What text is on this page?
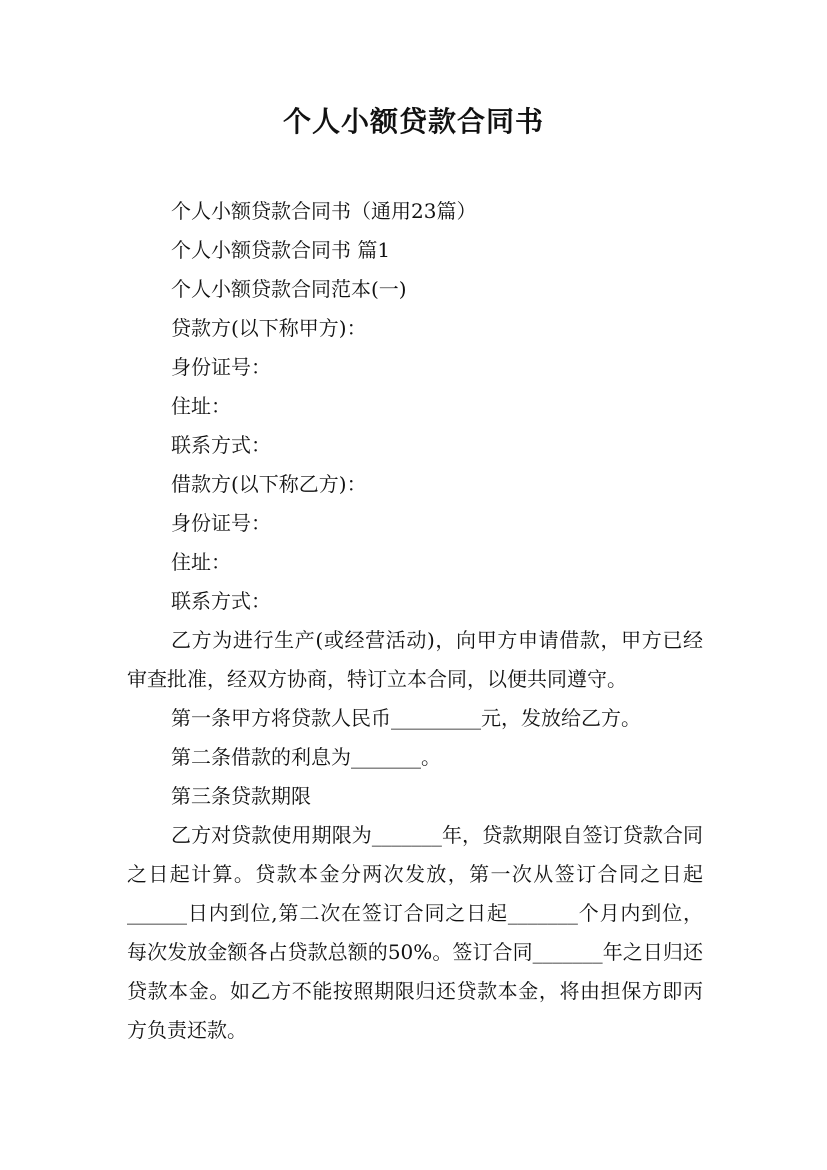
个人小额贷款合同书

个人小额贷款合同书（通用23篇）

个人小额贷款合同书 篇1

个人小额贷款合同范本(一)

贷款方(以下称甲方)：

身份证号：

住址：

联系方式：

借款方(以下称乙方)：

身份证号：

住址：

联系方式：

乙方为进行生产(或经营活动)，向甲方申请借款，甲方已经审查批准，经双方协商，特订立本合同，以便共同遵守。

第一条甲方将贷款人民币_________元，发放给乙方。

第二条借款的利息为_______。

第三条贷款期限

乙方对贷款使用期限为_______年，贷款期限自签订贷款合同之日起计算。贷款本金分两次发放，第一次从签订合同之日起______日内到位,第二次在签订合同之日起_______个月内到位，每次发放金额各占贷款总额的50%。签订合同_______年之日归还贷款本金。如乙方不能按照期限归还贷款本金，将由担保方即丙方负责还款。
